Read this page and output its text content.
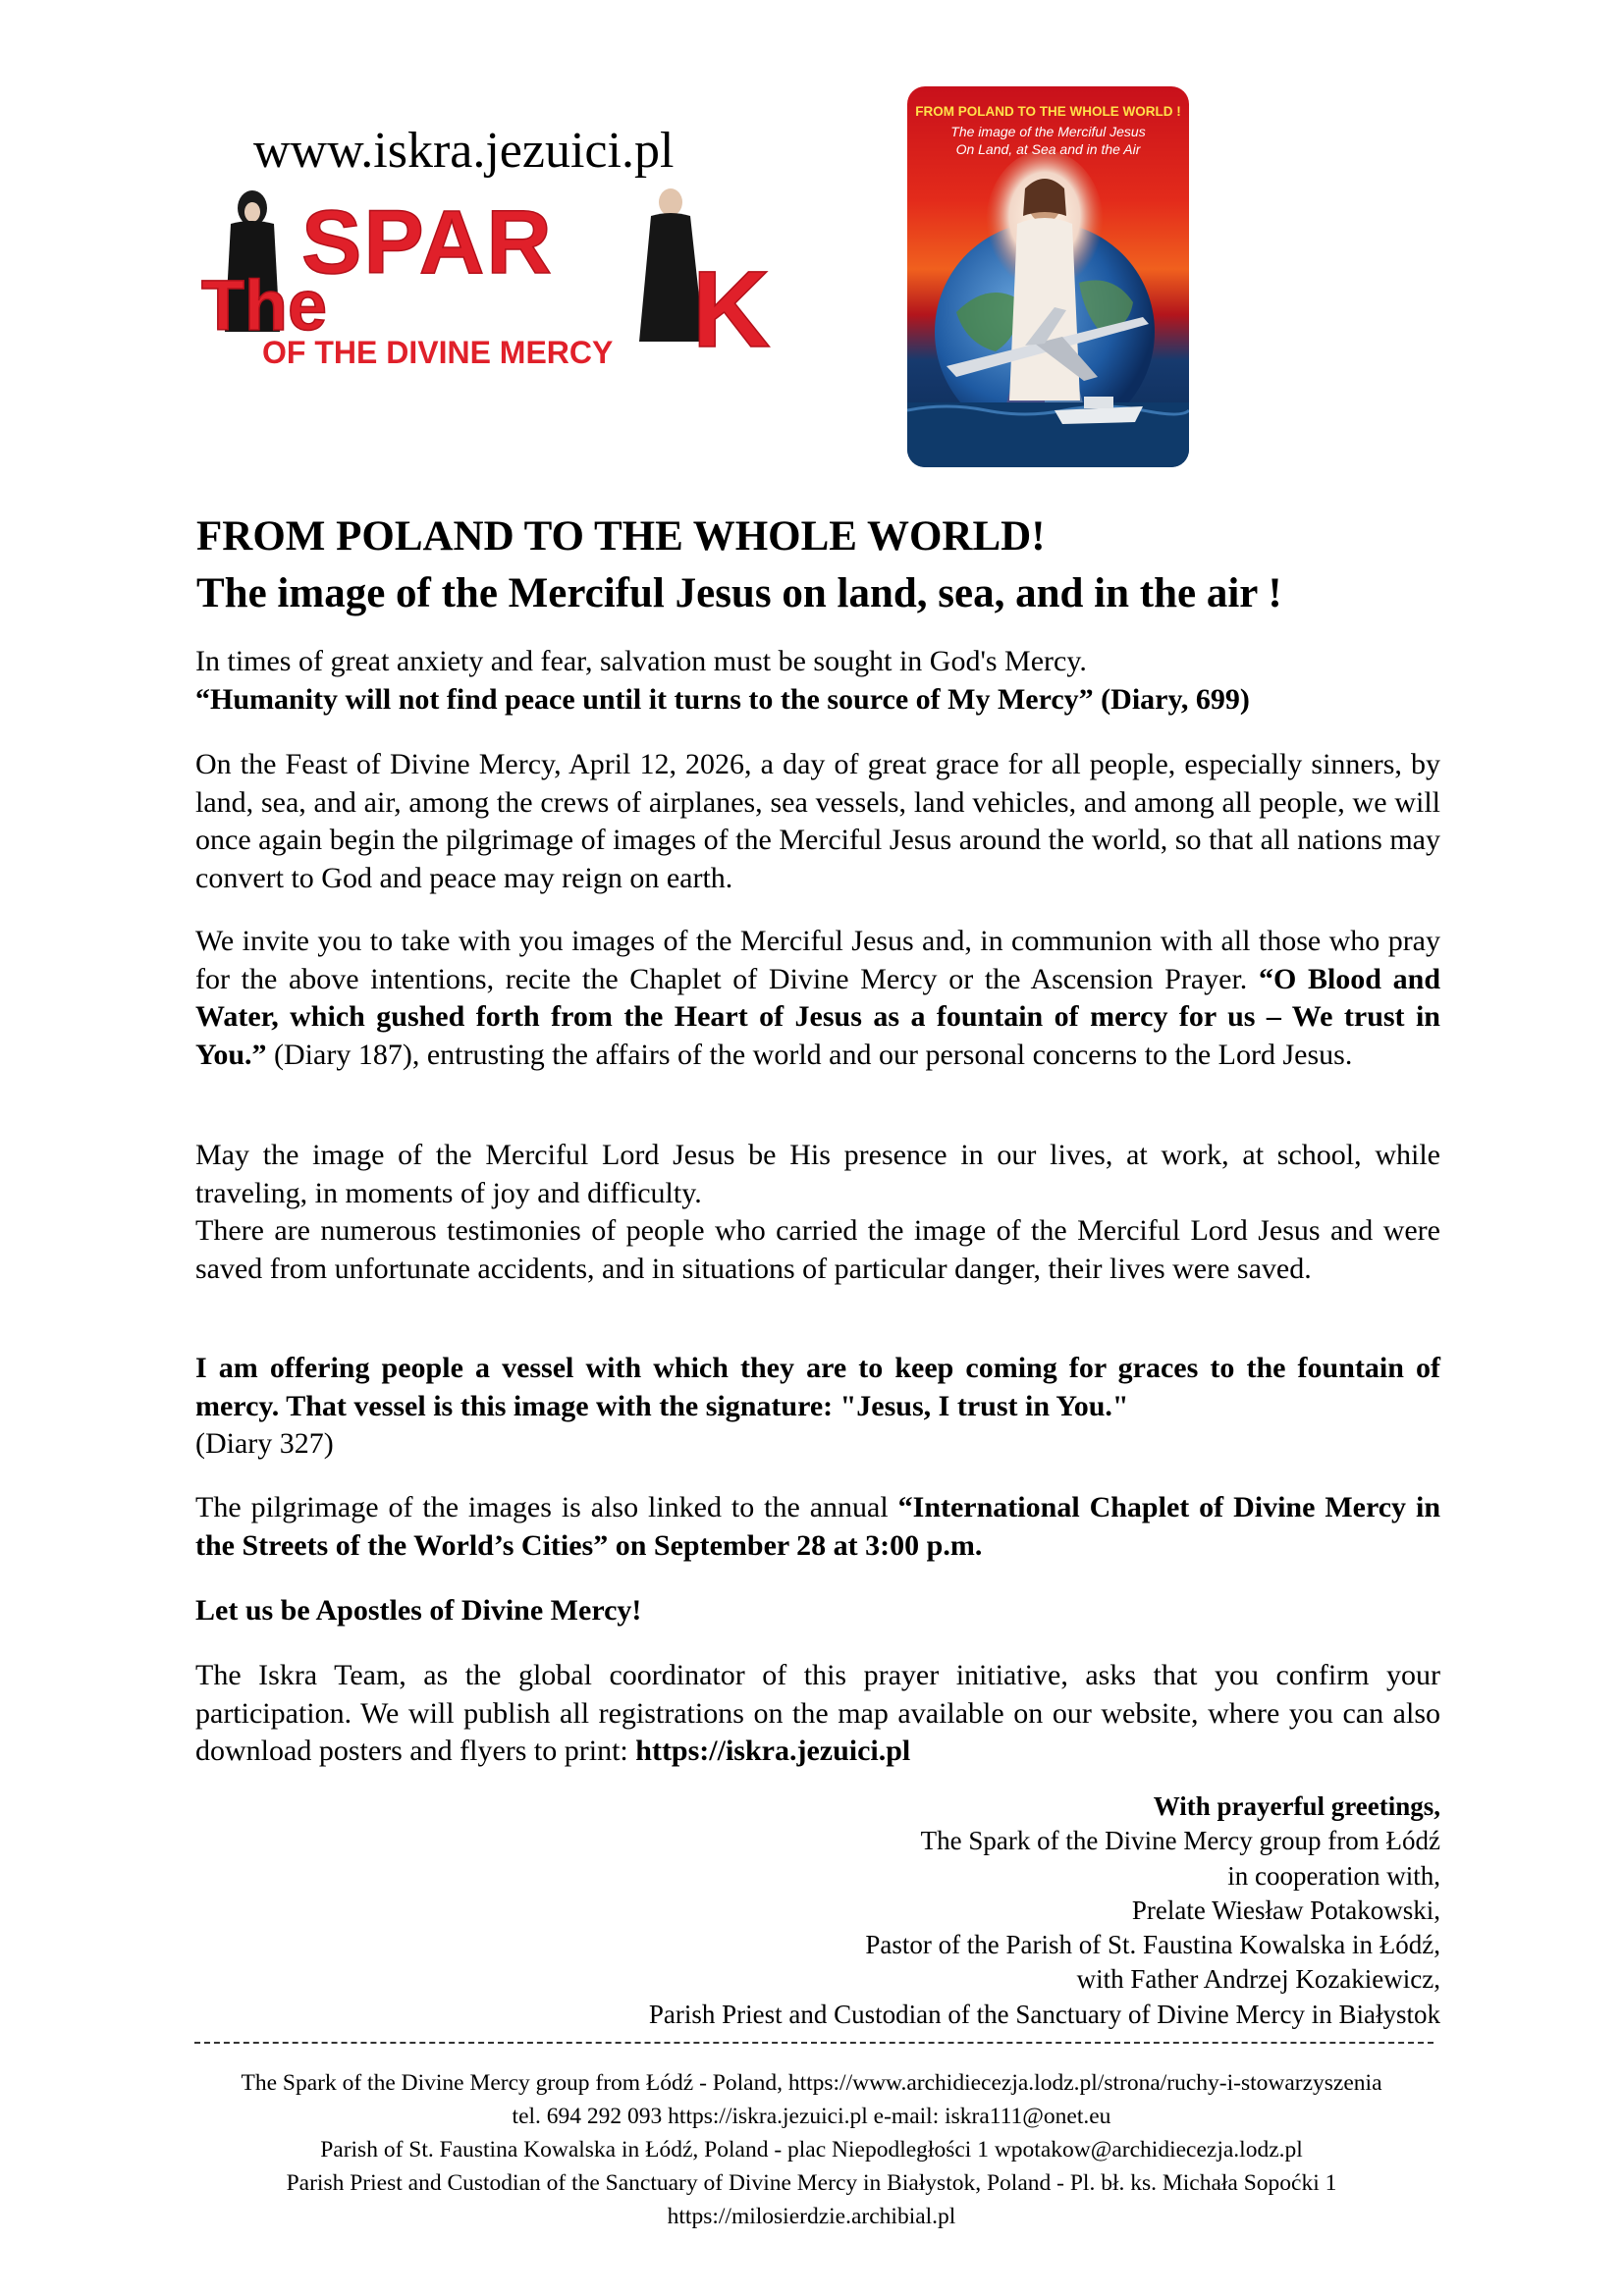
www.iskra.jezuici.pl
SPAR
The	K
OF THE DIVINE MERCY
FROM POLAND TO THE WHOLE WORLD !
The image of the Merciful Jesus
On Land, at Sea and in the Air
FROM POLAND TO THE WHOLE WORLD!
The image of the Merciful Jesus on land, sea, and in the air !
In times of great anxiety and fear, salvation must be sought in God's Mercy.
“Humanity will not find peace until it turns to the source of My Mercy” (Diary, 699)

On the Feast of Divine Mercy, April 12, 2026, a day of great grace for all people, especially sinners, by land, sea, and air, among the crews of airplanes, sea vessels, land vehicles, and among all people, we will once again begin the pilgrimage of images of the Merciful Jesus around the world, so that all nations may convert to God and peace may reign on earth.

We invite you to take with you images of the Merciful Jesus and, in communion with all those who pray for the above intentions, recite the Chaplet of Divine Mercy or the Ascension Prayer. “O Blood and Water, which gushed forth from the Heart of Jesus as a fountain of mercy for us – We trust in You.” (Diary 187), entrusting the affairs of the world and our personal concerns to the Lord Jesus.

May the image of the Merciful Lord Jesus be His presence in our lives, at work, at school, while traveling, in moments of joy and difficulty.
There are numerous testimonies of people who carried the image of the Merciful Lord Jesus and were saved from unfortunate accidents, and in situations of particular danger, their lives were saved.

I am offering people a vessel with which they are to keep coming for graces to the fountain of mercy. That vessel is this image with the signature: "Jesus, I trust in You."
(Diary 327)

The pilgrimage of the images is also linked to the annual “International Chaplet of Divine Mercy in the Streets of the World’s Cities” on September 28 at 3:00 p.m.

Let us be Apostles of Divine Mercy!

The Iskra Team, as the global coordinator of this prayer initiative, asks that you confirm your participation. We will publish all registrations on the map available on our website, where you can also download posters and flyers to print: https://iskra.jezuici.pl

With prayerful greetings,
The Spark of the Divine Mercy group from Łódź
in cooperation with,
Prelate Wiesław Potakowski,
Pastor of the Parish of St. Faustina Kowalska in Łódź,
with Father Andrzej Kozakiewicz,
Parish Priest and Custodian of the Sanctuary of Divine Mercy in Białystok
The Spark of the Divine Mercy group from Łódź - Poland, https://www.archidiecezja.lodz.pl/strona/ruchy-i-stowarzyszenia
tel. 694 292 093 https://iskra.jezuici.pl e-mail: iskra111@onet.eu
Parish of St. Faustina Kowalska in Łódź, Poland - plac Niepodległości 1 wpotakow@archidiecezja.lodz.pl
Parish Priest and Custodian of the Sanctuary of Divine Mercy in Białystok, Poland - Pl. bł. ks. Michała Sopoćki 1
https://milosierdzie.archibial.pl
